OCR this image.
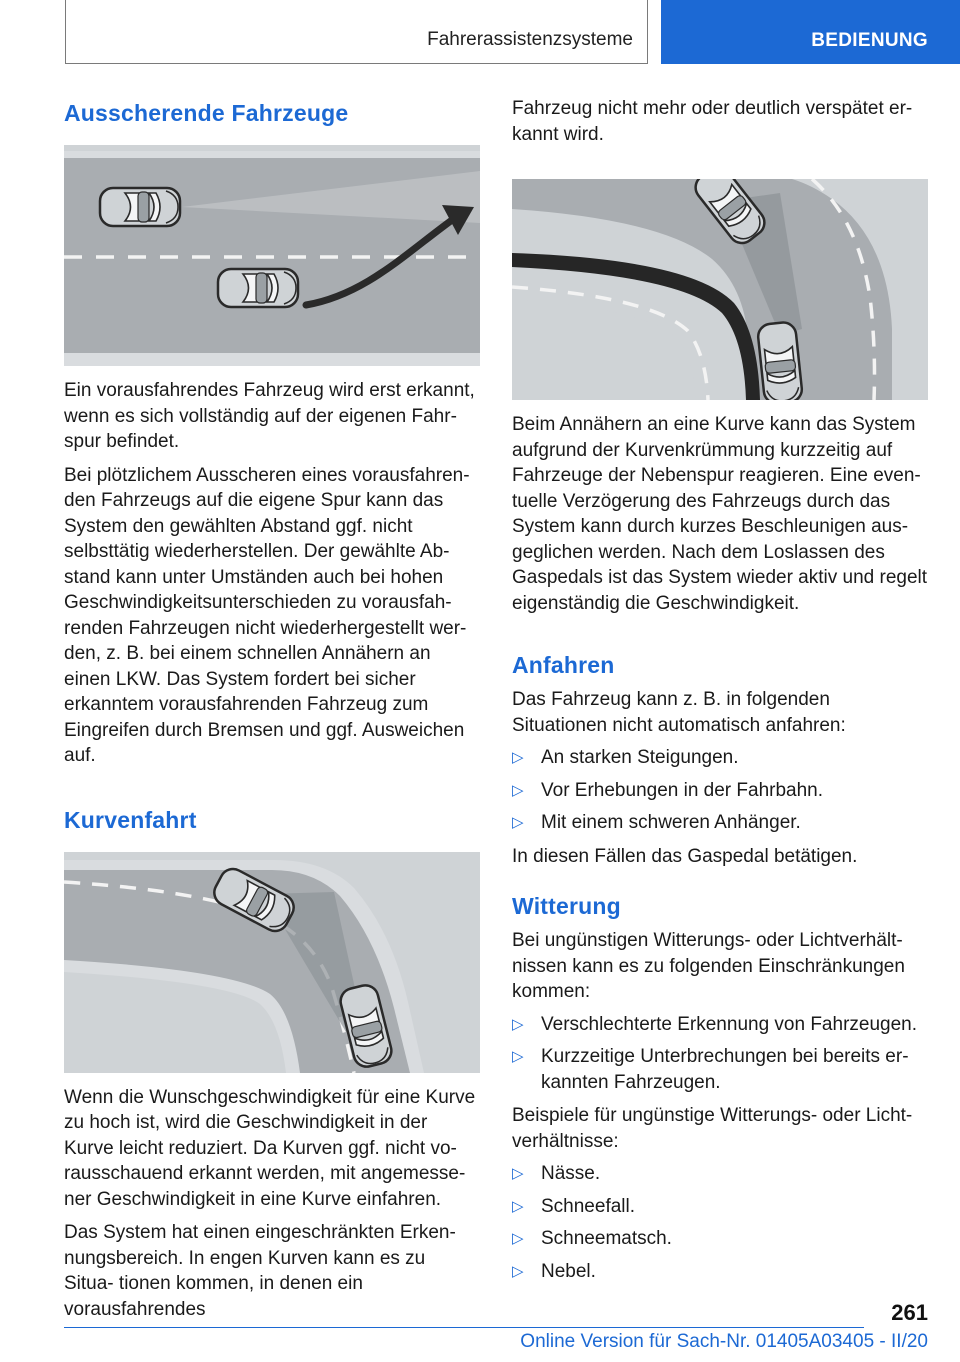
Fahrerassistenzsysteme	BEDIENUNG
Ausscherende Fahrzeuge

Ein vorausfahrendes Fahrzeug wird erst erkannt, wenn es sich vollständig auf der eigenen Fahr- spur befindet.

Bei plötzlichem Ausscheren eines vorausfahren- den Fahrzeugs auf die eigene Spur kann das System den gewählten Abstand ggf. nicht selbsttätig wiederherstellen. Der gewählte Ab- stand kann unter Umständen auch bei hohen Geschwindigkeitsunterschieden zu vorausfah- renden Fahrzeugen nicht wiederhergestellt wer- den, z. B. bei einem schnellen Annähern an einen LKW. Das System fordert bei sicher erkanntem vorausfahrenden Fahrzeug zum Eingreifen durch Bremsen und ggf. Ausweichen auf.

Kurvenfahrt

Wenn die Wunschgeschwindigkeit für eine Kurve zu hoch ist, wird die Geschwindigkeit in der Kurve leicht reduziert. Da Kurven ggf. nicht vo- rausschauend erkannt werden, mit angemesse- ner Geschwindigkeit in eine Kurve einfahren.

Das System hat einen eingeschränkten Erken- nungsbereich. In engen Kurven kann es zu Situa- tionen kommen, in denen ein vorausfahrendes

Fahrzeug nicht mehr oder deutlich verspätet er- kannt wird.

Beim Annähern an eine Kurve kann das System aufgrund der Kurvenkrümmung kurzzeitig auf Fahrzeuge der Nebenspur reagieren. Eine even- tuelle Verzögerung des Fahrzeugs durch das System kann durch kurzes Beschleunigen aus- geglichen werden. Nach dem Loslassen des Gaspedals ist das System wieder aktiv und regelt eigenständig die Geschwindigkeit.

Anfahren

Das Fahrzeug kann z. B. in folgenden Situationen nicht automatisch anfahren:

▷ An starken Steigungen.
▷ Vor Erhebungen in der Fahrbahn.
▷ Mit einem schweren Anhänger.

In diesen Fällen das Gaspedal betätigen.

Witterung

Bei ungünstigen Witterungs- oder Lichtverhält- nissen kann es zu folgenden Einschränkungen kommen:

▷ Verschlechterte Erkennung von Fahrzeugen.
▷ Kurzzeitige Unterbrechungen bei bereits er- kannten Fahrzeugen.

Beispiele für ungünstige Witterungs- oder Licht- verhältnisse:

▷ Nässe.
▷ Schneefall.
▷ Schneematsch.
▷ Nebel.
261
Online Version für Sach-Nr. 01405A03405 - II/20
